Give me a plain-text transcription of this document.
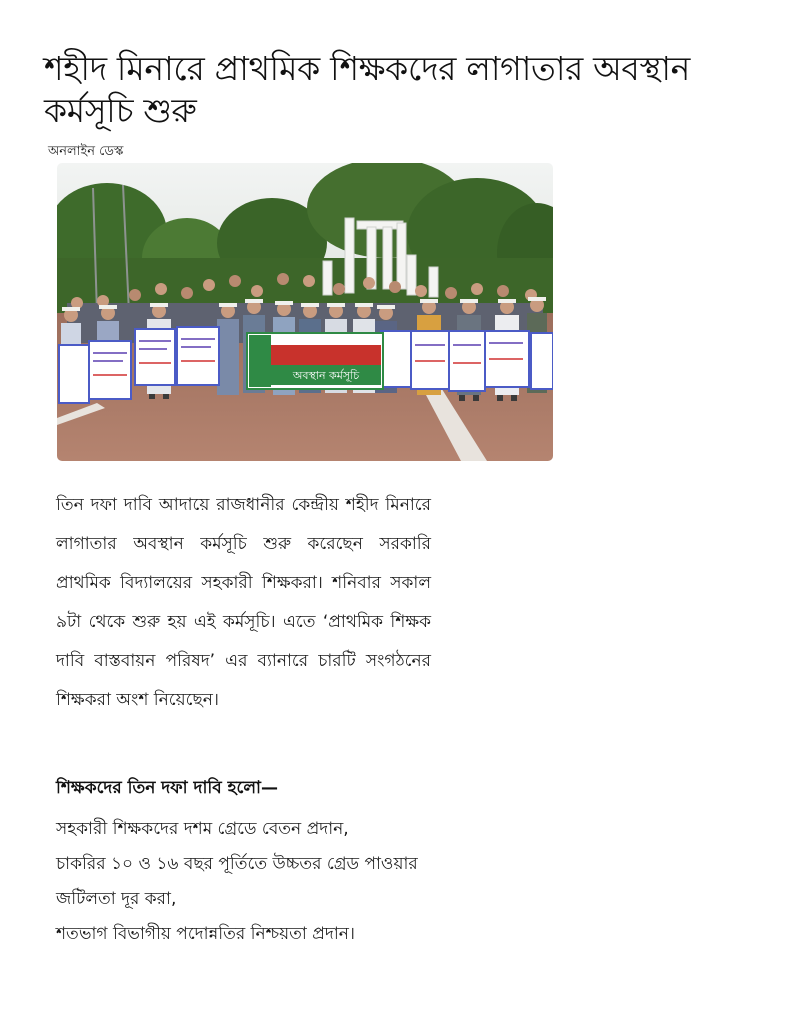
শহীদ মিনারে প্রাথমিক শিক্ষকদের লাগাতার অবস্থান কর্মসূচি শুরু
অনলাইন ডেস্ক
অবস্থান কর্মসূচি

তিন দফা দাবি আদায়ে রাজধানীর কেন্দ্রীয় শহীদ মিনারে লাগাতার অবস্থান কর্মসূচি শুরু করেছেন সরকারি প্রাথমিক বিদ্যালয়ের সহকারী শিক্ষকরা। শনিবার সকাল ৯টা থেকে শুরু হয় এই কর্মসূচি। এতে ‘প্রাথমিক শিক্ষক দাবি বাস্তবায়ন পরিষদ’ এর ব্যানারে চারটি সংগঠনের শিক্ষকরা অংশ নিয়েছেন।

শিক্ষকদের তিন দফা দাবি হলো—
সহকারী শিক্ষকদের দশম গ্রেডে বেতন প্রদান,
চাকরির ১০ ও ১৬ বছর পূর্তিতে উচ্চতর গ্রেড পাওয়ার জটিলতা দূর করা,
শতভাগ বিভাগীয় পদোন্নতির নিশ্চয়তা প্রদান।
